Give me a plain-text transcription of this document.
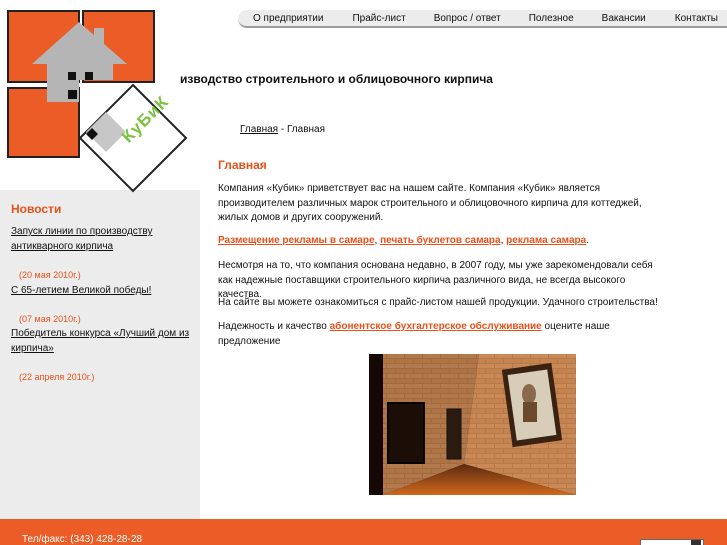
КуБиК
О предприятии	Прайс-лист	Вопрос / ответ	Полезное	Вакансии	Контакты
изводство строительного и облицовочного кирпича
Главная - Главная
Главная
Компания «Кубик» приветствует вас на нашем сайте. Компания «Кубик» является производителем различных марок строительного и облицовочного кирпича для коттеджей, жилых домов и других сооружений.
Размещение рекламы в самаре, печать буклетов самара, реклама самара.
Несмотря на то, что компания основана недавно, в 2007 году, мы уже зарекомендовали себя как надежные поставщики строительного кирпича различного вида, не всегда высокого качества.
На сайте вы можете ознакомиться с прайс-листом нашей продукции. Удачного строительства!
Надежность и качество абонентское бухгалтерское обслуживание оцените наше предложение
Новости
Запуск линии по производству антикварного кирпича
(20 мая 2010г.)
С 65-летием Великой победы!
(07 мая 2010г.)
Победитель конкурса «Лучший дом из кирпича»
(22 апреля 2010г.)
Тел/факс: (343) 428-28-28
